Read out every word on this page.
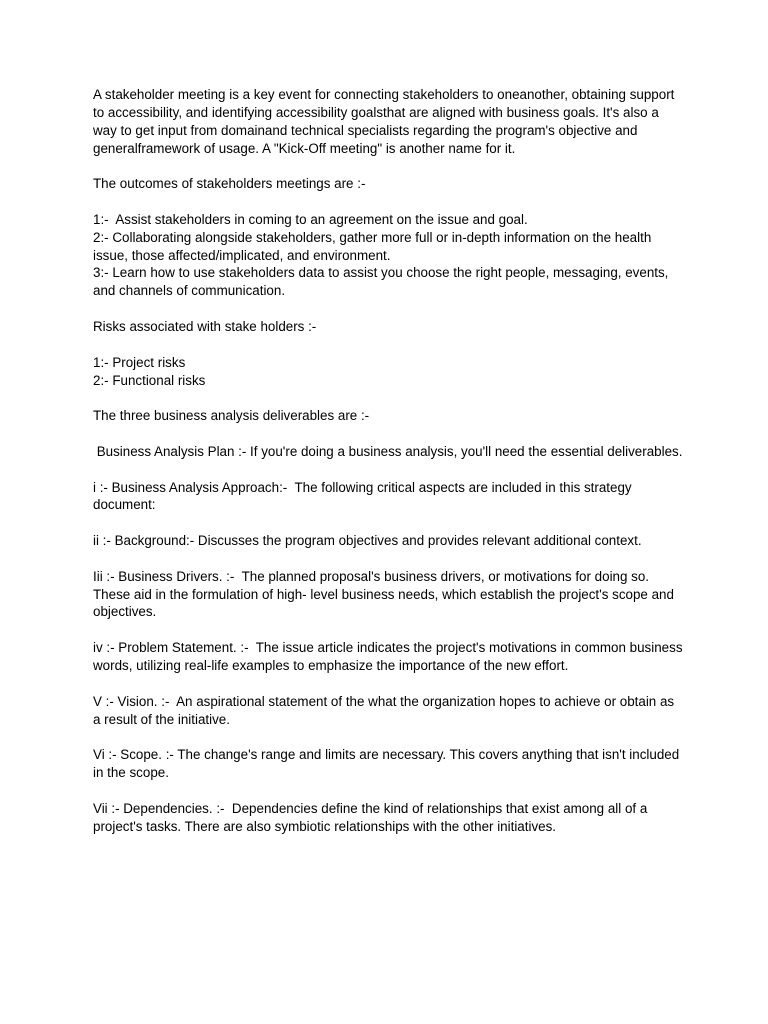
A stakeholder meeting is a key event for connecting stakeholders to oneanother, obtaining support to accessibility, and identifying accessibility goalsthat are aligned with business goals. It's also a way to get input from domainand technical specialists regarding the program's objective and generalframework of usage. A "Kick-Off meeting" is another name for it.

The outcomes of stakeholders meetings are :-

1:-  Assist stakeholders in coming to an agreement on the issue and goal.

2:- Collaborating alongside stakeholders, gather more full or in-depth information on the health issue, those affected/implicated, and environment.

3:- Learn how to use stakeholders data to assist you choose the right people, messaging, events, and channels of communication.

Risks associated with stake holders :-

1:- Project risks

2:- Functional risks

The three business analysis deliverables are :-

Business Analysis Plan :- If you're doing a business analysis, you'll need the essential deliverables.

i :- Business Analysis Approach:-  The following critical aspects are included in this strategy document:

ii :- Background:- Discusses the program objectives and provides relevant additional context.

Iii :- Business Drivers. :-  The planned proposal's business drivers, or motivations for doing so. These aid in the formulation of high- level business needs, which establish the project's scope and objectives.

iv :- Problem Statement. :-  The issue article indicates the project's motivations in common business words, utilizing real-life examples to emphasize the importance of the new effort.

V :- Vision. :-  An aspirational statement of the what the organization hopes to achieve or obtain as a result of the initiative.

Vi :- Scope. :- The change's range and limits are necessary. This covers anything that isn't included in the scope.

Vii :- Dependencies. :-  Dependencies define the kind of relationships that exist among all of a project's tasks. There are also symbiotic relationships with the other initiatives.
